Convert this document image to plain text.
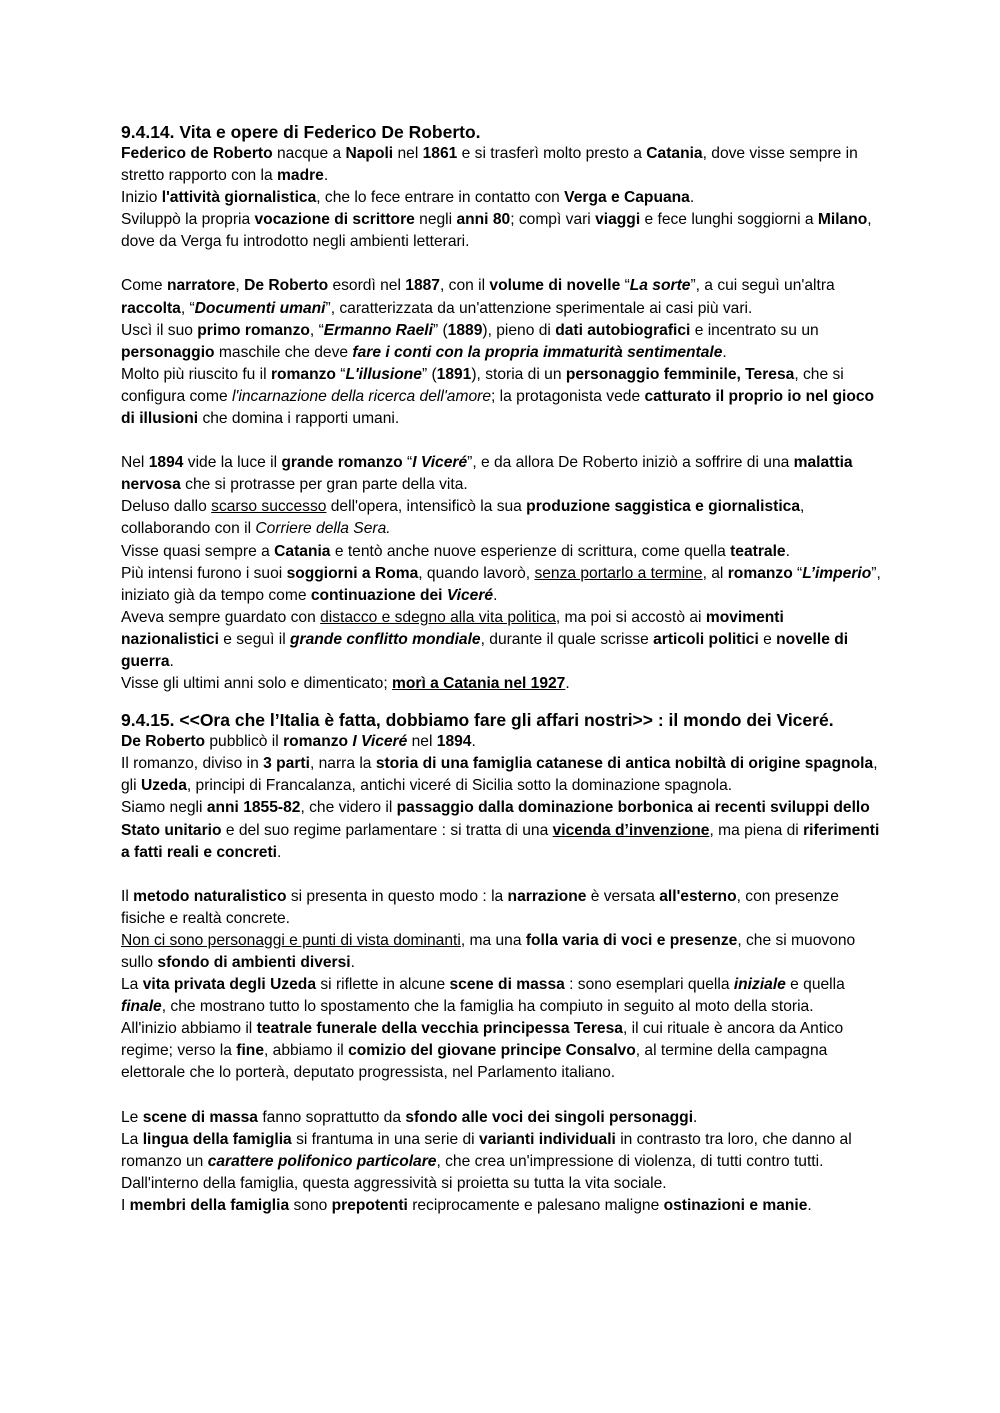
9.4.14. Vita e opere di Federico De Roberto.

Federico de Roberto nacque a Napoli nel 1861 e si trasferì molto presto a Catania, dove visse sempre in stretto rapporto con la madre.

Inizio l'attività giornalistica, che lo fece entrare in contatto con Verga e Capuana.

Sviluppò la propria vocazione di scrittore negli anni 80; compì vari viaggi e fece lunghi soggiorni a Milano, dove da Verga fu introdotto negli ambienti letterari.

Come narratore, De Roberto esordì nel 1887, con il volume di novelle “La sorte”, a cui seguì un'altra raccolta, “Documenti umani”, caratterizzata da un'attenzione sperimentale ai casi più vari.

Uscì il suo primo romanzo, “Ermanno Raeli” (1889), pieno di dati autobiografici e incentrato su un personaggio maschile che deve fare i conti con la propria immaturità sentimentale.

Molto più riuscito fu il romanzo “L'illusione” (1891), storia di un personaggio femminile, Teresa, che si configura come l'incarnazione della ricerca dell'amore; la protagonista vede catturato il proprio io nel gioco di illusioni che domina i rapporti umani.

Nel 1894 vide la luce il grande romanzo “I Viceré”, e da allora De Roberto iniziò a soffrire di una malattia nervosa che si protrasse per gran parte della vita.

Deluso dallo scarso successo dell'opera, intensificò la sua produzione saggistica e giornalistica, collaborando con il Corriere della Sera.

Visse quasi sempre a Catania e tentò anche nuove esperienze di scrittura, come quella teatrale.

Più intensi furono i suoi soggiorni a Roma, quando lavorò, senza portarlo a termine, al romanzo “L’imperio”, iniziato già da tempo come continuazione dei Viceré.

Aveva sempre guardato con distacco e sdegno alla vita politica, ma poi si accostò ai movimenti nazionalistici e seguì il grande conflitto mondiale, durante il quale scrisse articoli politici e novelle di guerra.

Visse gli ultimi anni solo e dimenticato; morì a Catania nel 1927.

9.4.15. <<Ora che l’Italia è fatta, dobbiamo fare gli affari nostri>> : il mondo dei Viceré.

De Roberto pubblicò il romanzo I Viceré nel 1894.

Il romanzo, diviso in 3 parti, narra la storia di una famiglia catanese di antica nobiltà di origine spagnola, gli Uzeda, principi di Francalanza, antichi viceré di Sicilia sotto la dominazione spagnola.

Siamo negli anni 1855-82, che videro il passaggio dalla dominazione borbonica ai recenti sviluppi dello Stato unitario e del suo regime parlamentare : si tratta di una vicenda d’invenzione, ma piena di riferimenti a fatti reali e concreti.

Il metodo naturalistico si presenta in questo modo : la narrazione è versata all'esterno, con presenze fisiche e realtà concrete.

Non ci sono personaggi e punti di vista dominanti, ma una folla varia di voci e presenze, che si muovono sullo sfondo di ambienti diversi.

La vita privata degli Uzeda si riflette in alcune scene di massa : sono esemplari quella iniziale e quella finale, che mostrano tutto lo spostamento che la famiglia ha compiuto in seguito al moto della storia.

All'inizio abbiamo il teatrale funerale della vecchia principessa Teresa, il cui rituale è ancora da Antico regime; verso la fine, abbiamo il comizio del giovane principe Consalvo, al termine della campagna elettorale che lo porterà, deputato progressista, nel Parlamento italiano.

Le scene di massa fanno soprattutto da sfondo alle voci dei singoli personaggi.

La lingua della famiglia si frantuma in una serie di varianti individuali in contrasto tra loro, che danno al romanzo un carattere polifonico particolare, che crea un'impressione di violenza, di tutti contro tutti.

Dall'interno della famiglia, questa aggressività si proietta su tutta la vita sociale.

I membri della famiglia sono prepotenti reciprocamente e palesano maligne ostinazioni e manie.
